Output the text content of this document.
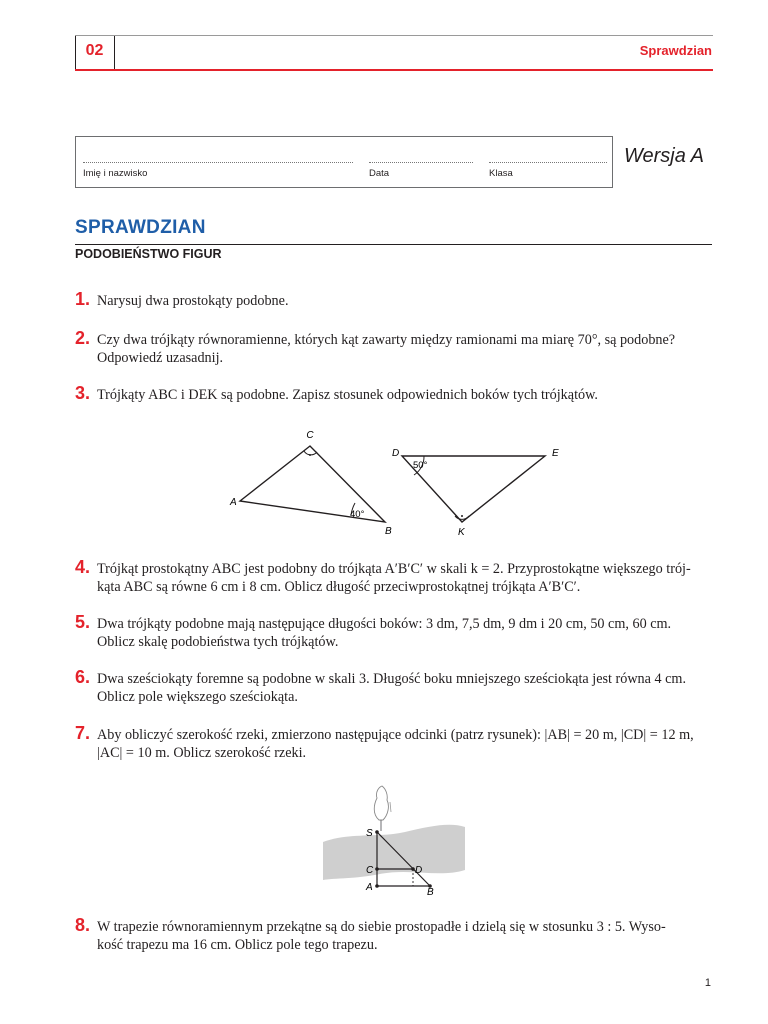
02	Sprawdzian
Imię i nazwisko	Data	Klasa
Wersja A
SPRAWDZIAN
PODOBIEŃSTWO FIGUR
1. Narysuj dwa prostokąty podobne.
2. Czy dwa trójkąty równoramienne, których kąt zawarty między ramionami ma miarę 70°, są podobne?
Odpowiedź uzasadnij.
3. Trójkąty ABC i DEK są podobne. Zapisz stosunek odpowiednich boków tych trójkątów.
C
A
B
40°
D	E
K
50°
4. Trójkąt prostokątny ABC jest podobny do trójkąta A′B′C′ w skali k = 2. Przyprostokątne większego trój-
kąta ABC są równe 6 cm i 8 cm. Oblicz długość przeciwprostokątnej trójkąta A′B′C′.
5. Dwa trójkąty podobne mają następujące długości boków: 3 dm, 7,5 dm, 9 dm i 20 cm, 50 cm, 60 cm.
Oblicz skalę podobieństwa tych trójkątów.
6. Dwa sześciokąty foremne są podobne w skali 3. Długość boku mniejszego sześciokąta jest równa 4 cm.
Oblicz pole większego sześciokąta.
7. Aby obliczyć szerokość rzeki, zmierzono następujące odcinki (patrz rysunek): |AB| = 20 m, |CD| = 12 m,
|AC| = 10 m. Oblicz szerokość rzeki.
S
C	D
A	B
8. W trapezie równoramiennym przekątne są do siebie prostopadłe i dzielą się w stosunku 3 : 5. Wyso-
kość trapezu ma 16 cm. Oblicz pole tego trapezu.
1
